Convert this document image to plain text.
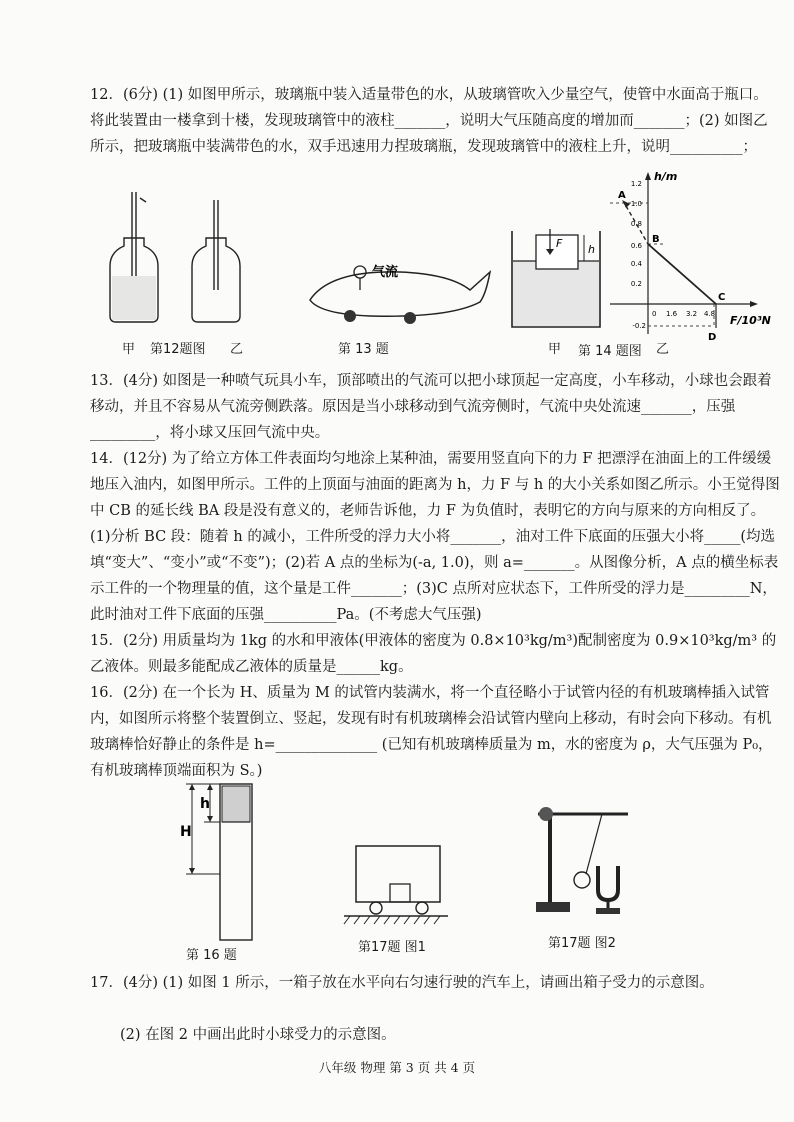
12．(6分) (1) 如图甲所示，玻璃瓶中装入适量带色的水，从玻璃管吹入少量空气，使管中水面高于瓶口。将此装置由一楼拿到十楼，发现玻璃管中的液柱_______，说明大气压随高度的增加而_______；(2) 如图乙所示，把玻璃瓶中装满带色的水，双手迅速用力捏玻璃瓶，发现玻璃管中的液柱上升，说明__________；

甲 第12题图 乙
气流
第 13 题
F h
h/m
F/10³N
1.2
1.0
0.8
0.6
0.4
0.2
-0.2
0 1.6 3.2 4.8
A
B
C
D
甲 第 14 题图 乙

13．(4分) 如图是一种喷气玩具小车，顶部喷出的气流可以把小球顶起一定高度，小车移动，小球也会跟着移动，并且不容易从气流旁侧跌落。原因是当小球移动到气流旁侧时，气流中央处流速_______，压强_________，将小球又压回气流中央。

14．(12分) 为了给立方体工件表面均匀地涂上某种油，需要用竖直向下的力 F 把漂浮在油面上的工件缓缓地压入油内，如图甲所示。工件的上顶面与油面的距离为 h，力 F 与 h 的大小关系如图乙所示。小王觉得图中 CB 的延长线 BA 段是没有意义的，老师告诉他，力 F 为负值时，表明它的方向与原来的方向相反了。

(1)分析 BC 段：随着 h 的减小，工件所受的浮力大小将_______，油对工件下底面的压强大小将_____(均选填“变大”、“变小”或“不变”)；(2)若 A 点的坐标为(-a, 1.0)，则 a=_______。从图像分析，A 点的横坐标表示工件的一个物理量的值，这个量是工件_______；(3)C 点所对应状态下，工件所受的浮力是_________N，此时油对工件下底面的压强__________Pa。(不考虑大气压强)

15．(2分) 用质量均为 1kg 的水和甲液体(甲液体的密度为 0.8×10³kg/m³)配制密度为 0.9×10³kg/m³ 的乙液体。则最多能配成乙液体的质量是______kg。

16．(2分) 在一个长为 H、质量为 M 的试管内装满水，将一个直径略小于试管内径的有机玻璃棒插入试管内，如图所示将整个装置倒立、竖起，发现有时有机玻璃棒会沿试管内壁向上移动，有时会向下移动。有机玻璃棒恰好静止的条件是 h=______________ (已知有机玻璃棒质量为 m，水的密度为 ρ，大气压强为 P₀，有机玻璃棒顶端面积为 S。)

h
H
第 16 题
第17题 图1	第17题 图2

17．(4分) (1) 如图 1 所示，一箱子放在水平向右匀速行驶的汽车上，请画出箱子受力的示意图。

(2) 在图 2 中画出此时小球受力的示意图。

八年级 物理 第 3 页 共 4 页
